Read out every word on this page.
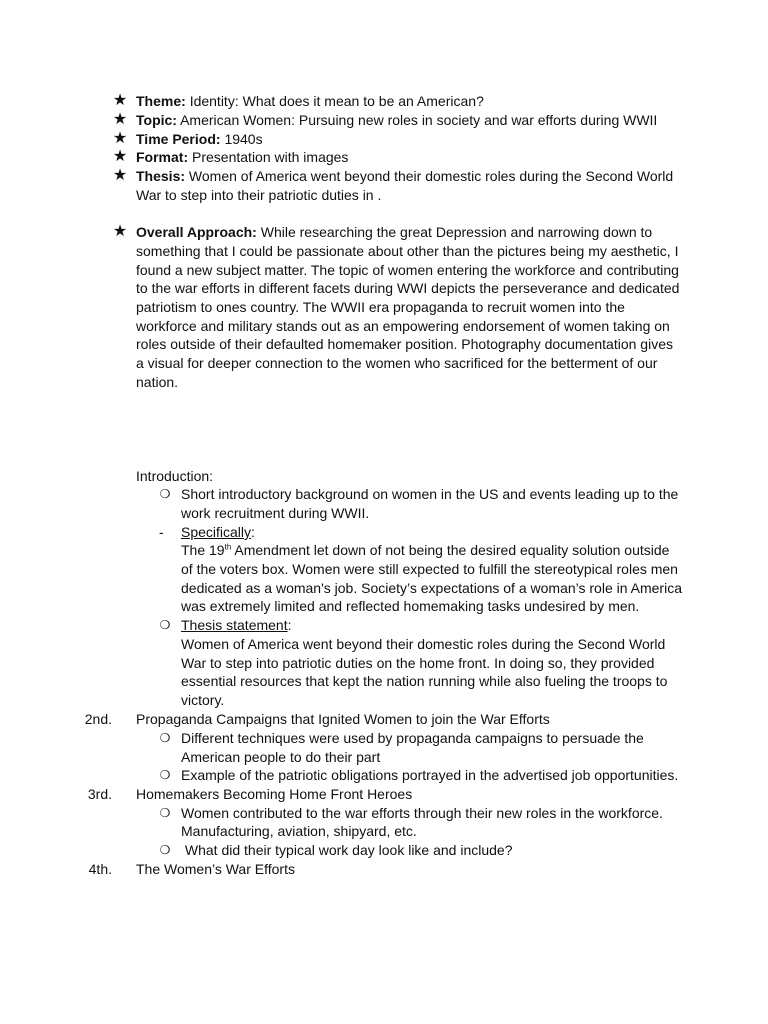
★ Theme: Identity: What does it mean to be an American?
★ Topic: American Women: Pursuing new roles in society and war efforts during WWII
★ Time Period: 1940s
★ Format: Presentation with images
★ Thesis: Women of America went beyond their domestic roles during the Second World
War to step into their patriotic duties in .
★ Overall Approach: While researching the great Depression and narrowing down to
something that I could be passionate about other than the pictures being my aesthetic, I
found a new subject matter. The topic of women entering the workforce and contributing
to the war efforts in different facets during WWI depicts the perseverance and dedicated
patriotism to ones country. The WWII era propaganda to recruit women into the
workforce and military stands out as an empowering endorsement of women taking on
roles outside of their defaulted homemaker position. Photography documentation gives
a visual for deeper connection to the women who sacrificed for the betterment of our
nation.
Introduction:
❍ Short introductory background on women in the US and events leading up to the
work recruitment during WWII.
- Specifically:
The 19th Amendment let down of not being the desired equality solution outside
of the voters box. Women were still expected to fulfill the stereotypical roles men
dedicated as a woman's job. Society’s expectations of a woman’s role in America
was extremely limited and reflected homemaking tasks undesired by men.
❍ Thesis statement:
Women of America went beyond their domestic roles during the Second World
War to step into patriotic duties on the home front. In doing so, they provided
essential resources that kept the nation running while also fueling the troops to
victory.
2nd. Propaganda Campaigns that Ignited Women to join the War Efforts
❍ Different techniques were used by propaganda campaigns to persuade the
American people to do their part
❍ Example of the patriotic obligations portrayed in the advertised job opportunities.
3rd. Homemakers Becoming Home Front Heroes
❍ Women contributed to the war efforts through their new roles in the workforce.
Manufacturing, aviation, shipyard, etc.
❍ What did their typical work day look like and include?
4th. The Women’s War Efforts
